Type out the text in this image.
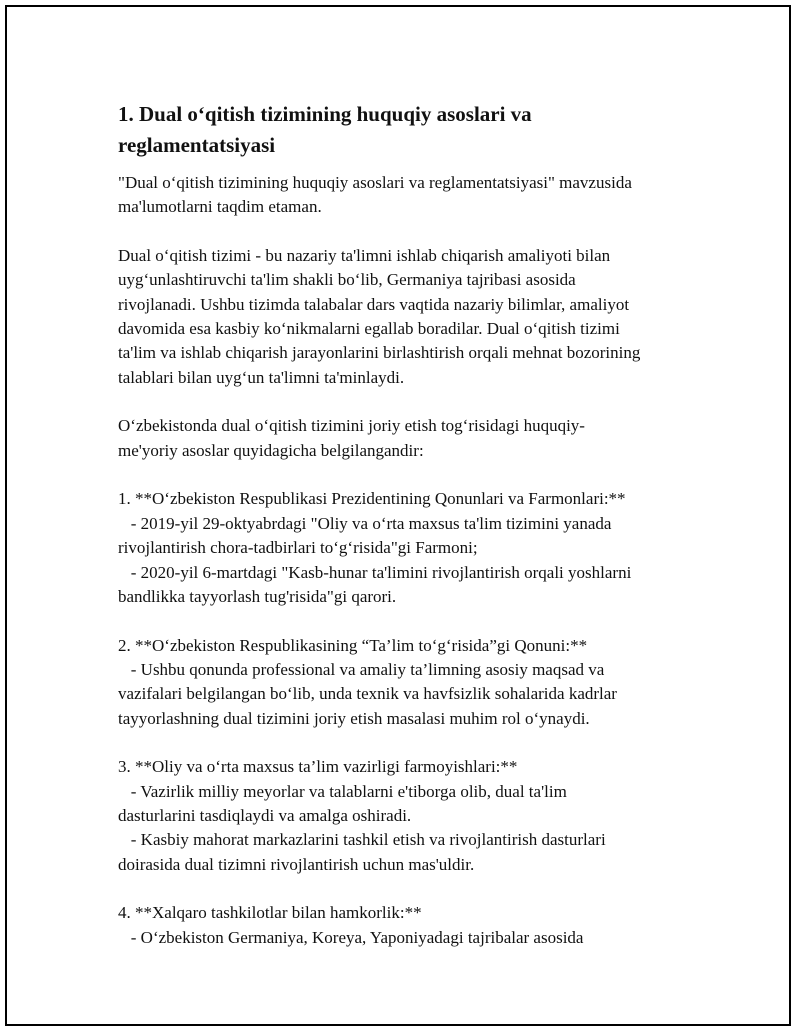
1. Dual o‘qitish tizimining huquqiy asoslari va
reglamentatsiyasi
"Dual o‘qitish tizimining huquqiy asoslari va reglamentatsiyasi" mavzusida
ma'lumotlarni taqdim etaman.
Dual o‘qitish tizimi - bu nazariy ta'limni ishlab chiqarish amaliyoti bilan
uyg‘unlashtiruvchi ta'lim shakli bo‘lib, Germaniya tajribasi asosida
rivojlanadi. Ushbu tizimda talabalar dars vaqtida nazariy bilimlar, amaliyot
davomida esa kasbiy ko‘nikmalarni egallab boradilar. Dual o‘qitish tizimi
ta'lim va ishlab chiqarish jarayonlarini birlashtirish orqali mehnat bozorining
talablari bilan uyg‘un ta'limni ta'minlaydi.
O‘zbekistonda dual o‘qitish tizimini joriy etish tog‘risidagi huquqiy-
me'yoriy asoslar quyidagicha belgilangandir:
1. **O‘zbekiston Respublikasi Prezidentining Qonunlari va Farmonlari:**
- 2019-yil 29-oktyabrdagi "Oliy va o‘rta maxsus ta'lim tizimini yanada
rivojlantirish chora-tadbirlari to‘g‘risida"gi Farmoni;
- 2020-yil 6-martdagi "Kasb-hunar ta'limini rivojlantirish orqali yoshlarni
bandlikka tayyorlash tug'risida"gi qarori.
2. **O‘zbekiston Respublikasining “Ta’lim to‘g‘risida”gi Qonuni:**
- Ushbu qonunda professional va amaliy ta’limning asosiy maqsad va
vazifalari belgilangan bo‘lib, unda texnik va havfsizlik sohalarida kadrlar
tayyorlashning dual tizimini joriy etish masalasi muhim rol o‘ynaydi.
3. **Oliy va o‘rta maxsus ta’lim vazirligi farmoyishlari:**
- Vazirlik milliy meyorlar va talablarni e'tiborga olib, dual ta'lim
dasturlarini tasdiqlaydi va amalga oshiradi.
- Kasbiy mahorat markazlarini tashkil etish va rivojlantirish dasturlari
doirasida dual tizimni rivojlantirish uchun mas'uldir.
4. **Xalqaro tashkilotlar bilan hamkorlik:**
- O‘zbekiston Germaniya, Koreya, Yaponiyadagi tajribalar asosida
